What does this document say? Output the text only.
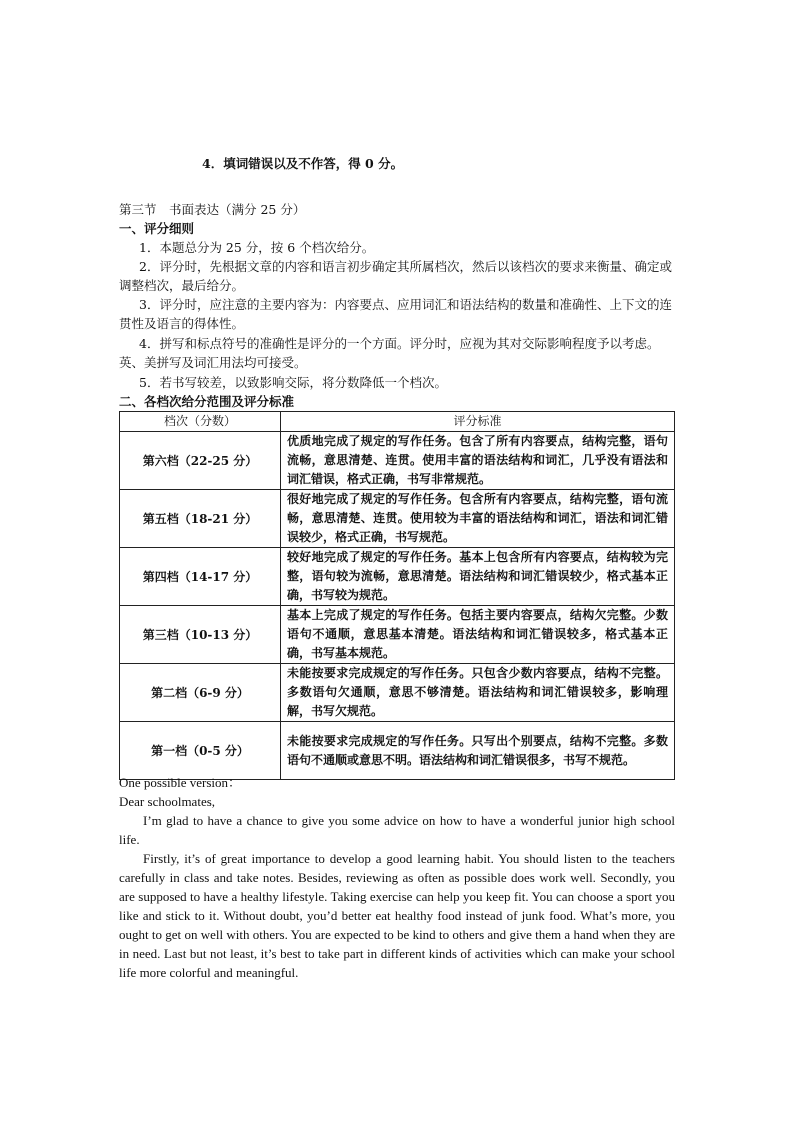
4．填词错误以及不作答，得 0 分。
第三节　书面表达（满分 25 分）
一、评分细则
1．本题总分为 25 分，按 6 个档次给分。
2．评分时，先根据文章的内容和语言初步确定其所属档次，然后以该档次的要求来衡量、确定或调整档次，最后给分。
3．评分时，应注意的主要内容为：内容要点、应用词汇和语法结构的数量和准确性、上下文的连贯性及语言的得体性。
4．拼写和标点符号的准确性是评分的一个方面。评分时，应视为其对交际影响程度予以考虑。英、美拼写及词汇用法均可接受。
5．若书写较差，以致影响交际，将分数降低一个档次。
二、各档次给分范围及评分标准
档次（分数）	评分标准
第六档（22-25 分）	优质地完成了规定的写作任务。包含了所有内容要点，结构完整，语句流畅，意思清楚、连贯。使用丰富的语法结构和词汇，几乎没有语法和词汇错误，格式正确，书写非常规范。
第五档（18-21 分）	很好地完成了规定的写作任务。包含所有内容要点，结构完整，语句流畅，意思清楚、连贯。使用较为丰富的语法结构和词汇，语法和词汇错误较少，格式正确，书写规范。
第四档（14-17 分）	较好地完成了规定的写作任务。基本上包含所有内容要点，结构较为完整，语句较为流畅，意思清楚。语法结构和词汇错误较少，格式基本正确，书写较为规范。
第三档（10-13 分）	基本上完成了规定的写作任务。包括主要内容要点，结构欠完整。少数语句不通顺，意思基本清楚。语法结构和词汇错误较多，格式基本正确，书写基本规范。
第二档（6-9 分）	未能按要求完成规定的写作任务。只包含少数内容要点，结构不完整。多数语句欠通顺，意思不够清楚。语法结构和词汇错误较多，影响理解，书写欠规范。
第一档（0-5 分）	未能按要求完成规定的写作任务。只写出个别要点，结构不完整。多数语句不通顺或意思不明。语法结构和词汇错误很多，书写不规范。

One possible version：

Dear schoolmates,

I’m glad to have a chance to give you some advice on how to have a wonderful junior high school life.

Firstly, it’s of great importance to develop a good learning habit. You should listen to the teachers carefully in class and take notes. Besides, reviewing as often as possible does work well. Secondly, you are supposed to have a healthy lifestyle. Taking exercise can help you keep fit. You can choose a sport you like and stick to it. Without doubt, you’d better eat healthy food instead of junk food. What’s more, you ought to get on well with others. You are expected to be kind to others and give them a hand when they are in need. Last but not least, it’s best to take part in different kinds of activities which can make your school life more colorful and meaningful.
